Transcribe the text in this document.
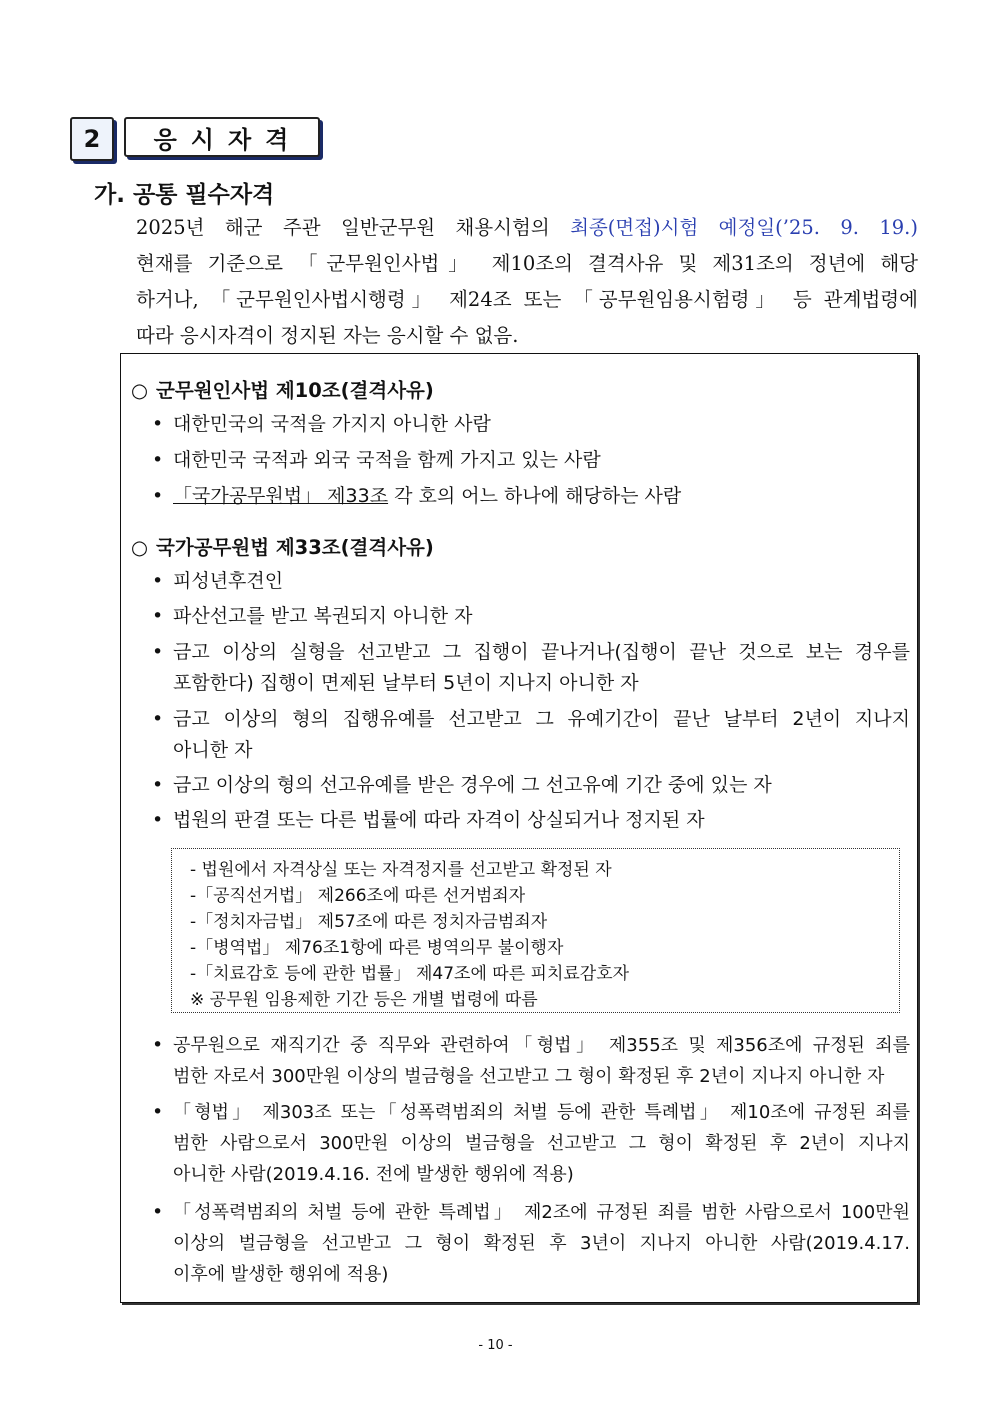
2	응시자격
가. 공통 필수자격
2025년 해군 주관 일반군무원 채용시험의 최종(면접)시험 예정일(’25. 9. 19.)
현재를 기준으로 「군무원인사법」 제10조의 결격사유 및 제31조의 정년에 해당
하거나, 「군무원인사법시행령」 제24조 또는 「공무원임용시험령」 등 관계법령에
따라 응시자격이 정지된 자는 응시할 수 없음.
○ 군무원인사법 제10조(결격사유)
• 대한민국의 국적을 가지지 아니한 사람
• 대한민국 국적과 외국 국적을 함께 가지고 있는 사람
• 「국가공무원법」 제33조 각 호의 어느 하나에 해당하는 사람
○ 국가공무원법 제33조(결격사유)
• 피성년후견인
• 파산선고를 받고 복권되지 아니한 자
• 금고 이상의 실형을 선고받고 그 집행이 끝나거나(집행이 끝난 것으로 보는 경우를
포함한다) 집행이 면제된 날부터 5년이 지나지 아니한 자
• 금고 이상의 형의 집행유예를 선고받고 그 유예기간이 끝난 날부터 2년이 지나지
아니한 자
• 금고 이상의 형의 선고유예를 받은 경우에 그 선고유예 기간 중에 있는 자
• 법원의 판결 또는 다른 법률에 따라 자격이 상실되거나 정지된 자
- 법원에서 자격상실 또는 자격정지를 선고받고 확정된 자
-「공직선거법」 제266조에 따른 선거범죄자
-「정치자금법」 제57조에 따른 정치자금범죄자
-「병역법」 제76조1항에 따른 병역의무 불이행자
-「치료감호 등에 관한 법률」 제47조에 따른 피치료감호자
※ 공무원 임용제한 기간 등은 개별 법령에 따름
• 공무원으로 재직기간 중 직무와 관련하여「형법」 제355조 및 제356조에 규정된 죄를
범한 자로서 300만원 이상의 벌금형을 선고받고 그 형이 확정된 후 2년이 지나지 아니한 자
• 「형법」 제303조 또는「성폭력범죄의 처벌 등에 관한 특례법」 제10조에 규정된 죄를
범한 사람으로서 300만원 이상의 벌금형을 선고받고 그 형이 확정된 후 2년이 지나지
아니한 사람(2019.4.16. 전에 발생한 행위에 적용)
• 「성폭력범죄의 처벌 등에 관한 특례법」 제2조에 규정된 죄를 범한 사람으로서 100만원
이상의 벌금형을 선고받고 그 형이 확정된 후 3년이 지나지 아니한 사람(2019.4.17.
이후에 발생한 행위에 적용)
- 10 -
